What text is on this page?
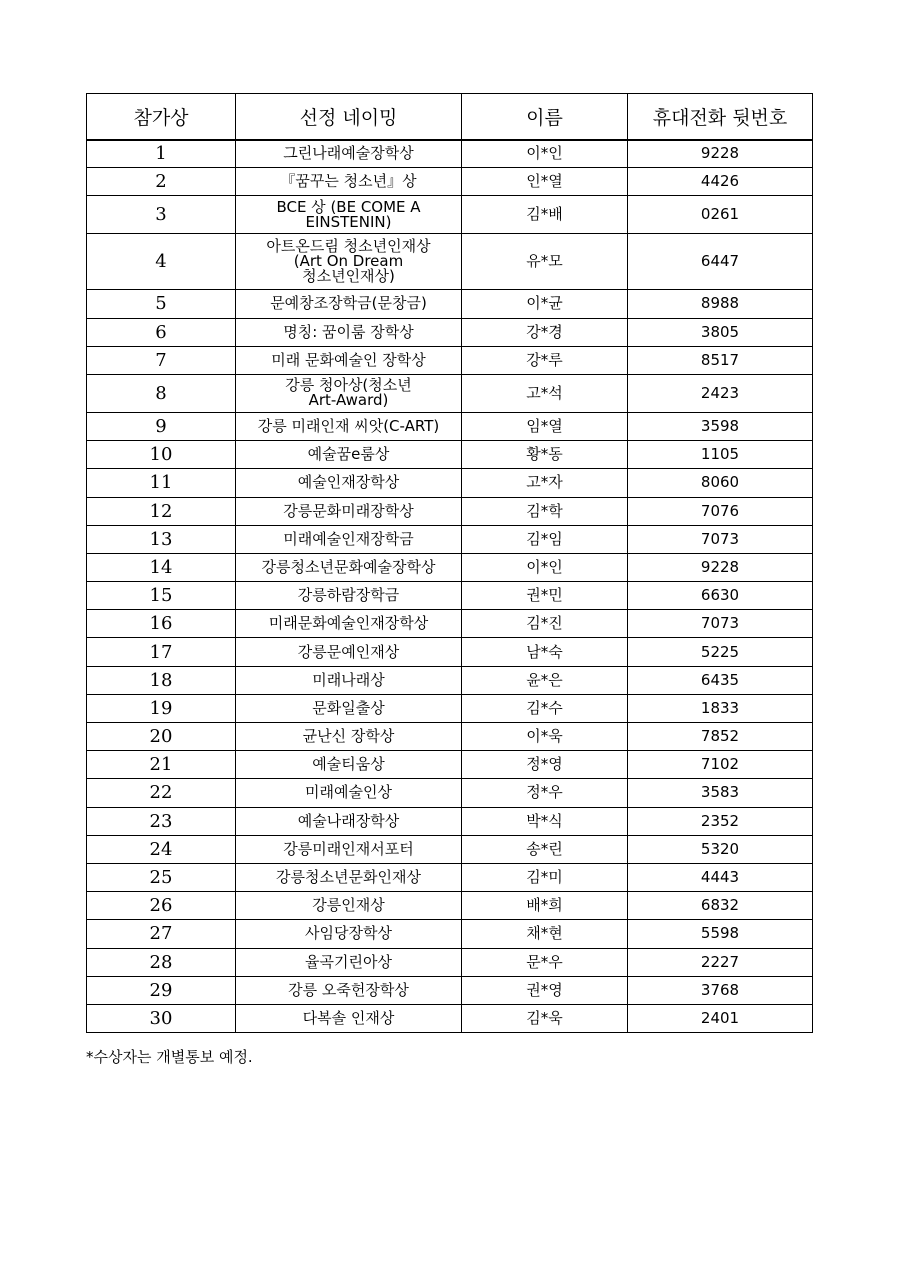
참가상	선정 네이밍	이름	휴대전화 뒷번호
1	그린나래예술장학상	이*인	9228
2	『꿈꾸는 청소년』상	인*열	4426
3	BCE 상 (BE COME A
EINSTENIN)	김*배	0261
4	아트온드림 청소년인재상
(Art On Dream
청소년인재상)	유*모	6447
5	문예창조장학금(문창금)	이*균	8988
6	명칭: 꿈이룸 장학상	강*경	3805
7	미래 문화예술인 장학상	강*루	8517
8	강릉 청아상(청소년
Art-Award)	고*석	2423
9	강릉 미래인재 씨앗(C-ART)	임*열	3598
10	예술꿈e룸상	황*동	1105
11	예술인재장학상	고*자	8060
12	강릉문화미래장학상	김*학	7076
13	미래예술인재장학금	김*임	7073
14	강릉청소년문화예술장학상	이*인	9228
15	강릉하람장학금	권*민	6630
16	미래문화예술인재장학상	김*진	7073
17	강릉문예인재상	남*숙	5225
18	미래나래상	윤*은	6435
19	문화일출상	김*수	1833
20	균난신 장학상	이*욱	7852
21	예술티움상	정*영	7102
22	미래예술인상	정*우	3583
23	예술나래장학상	박*식	2352
24	강릉미래인재서포터	송*린	5320
25	강릉청소년문화인재상	김*미	4443
26	강릉인재상	배*희	6832
27	사임당장학상	채*현	5598
28	율곡기린아상	문*우	2227
29	강릉 오죽헌장학상	권*영	3768
30	다복솔 인재상	김*욱	2401
*수상자는 개별통보 예정.
